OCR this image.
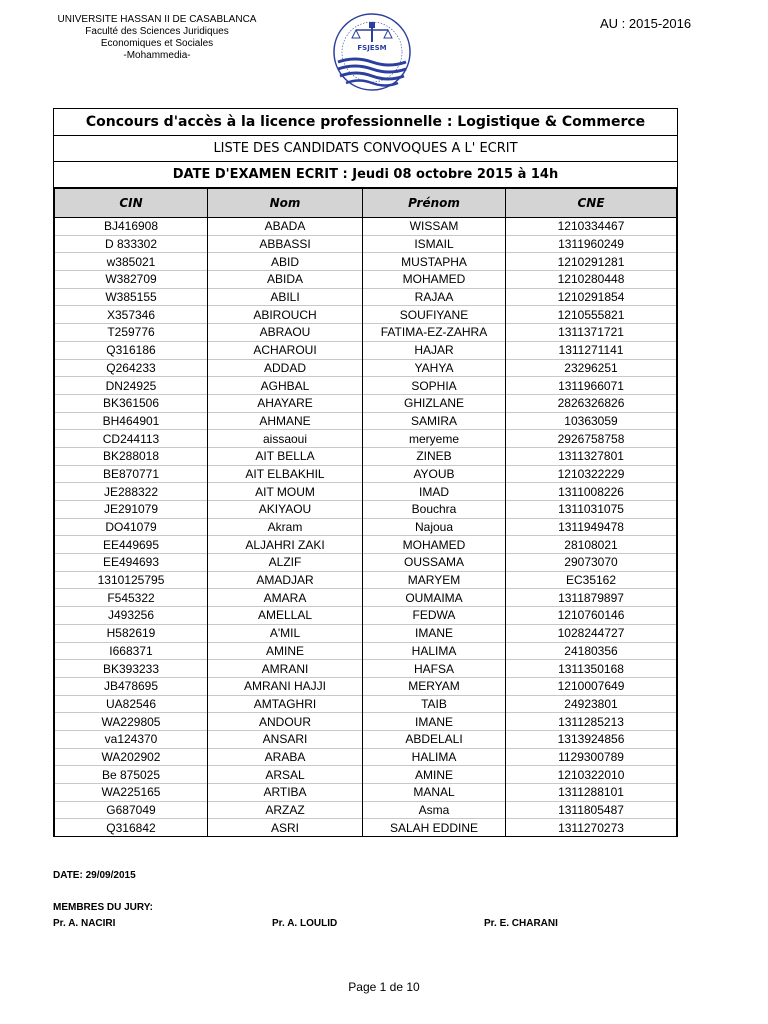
UNIVERSITE HASSAN II DE CASABLANCA
Faculté des Sciences Juridiques
Economiques et Sociales
-Mohammedia-
FSJESM
AU : 2015-2016
Concours d'accès à la licence professionnelle : Logistique & Commerce
LISTE DES CANDIDATS CONVOQUES A L' ECRIT
DATE D'EXAMEN ECRIT : Jeudi 08 octobre 2015 à 14h
CIN	Nom	Prénom	CNE
BJ416908	ABADA	WISSAM	1210334467
D 833302	ABBASSI	ISMAIL	1311960249
w385021	ABID	MUSTAPHA	1210291281
W382709	ABIDA	MOHAMED	1210280448
W385155	ABILI	RAJAA	1210291854
X357346	ABIROUCH	SOUFIYANE	1210555821
T259776	ABRAOU	FATIMA-EZ-ZAHRA	1311371721
Q316186	ACHAROUI	HAJAR	1311271141
Q264233	ADDAD	YAHYA	23296251
DN24925	AGHBAL	SOPHIA	1311966071
BK361506	AHAYARE	GHIZLANE	2826326826
BH464901	AHMANE	SAMIRA	10363059
CD244113	aissaoui	meryeme	2926758758
BK288018	AIT BELLA	ZINEB	1311327801
BE870771	AIT ELBAKHIL	AYOUB	1210322229
JE288322	AIT MOUM	IMAD	1311008226
JE291079	AKIYAOU	Bouchra	1311031075
DO41079	Akram	Najoua	1311949478
EE449695	ALJAHRI ZAKI	MOHAMED	28108021
EE494693	ALZIF	OUSSAMA	29073070
1310125795	AMADJAR	MARYEM	EC35162
F545322	AMARA	OUMAIMA	1311879897
J493256	AMELLAL	FEDWA	1210760146
H582619	A'MIL	IMANE	1028244727
I668371	AMINE	HALIMA	24180356
BK393233	AMRANI	HAFSA	1311350168
JB478695	AMRANI HAJJI	MERYAM	1210007649
UA82546	AMTAGHRI	TAIB	24923801
WA229805	ANDOUR	IMANE	1311285213
va124370	ANSARI	ABDELALI	1313924856
WA202902	ARABA	HALIMA	1129300789
Be 875025	ARSAL	AMINE	1210322010
WA225165	ARTIBA	MANAL	1311288101
G687049	ARZAZ	Asma	1311805487
Q316842	ASRI	SALAH EDDINE	1311270273
DATE: 29/09/2015
MEMBRES DU JURY:
Pr. A. NACIRI	Pr. A. LOULID	Pr. E. CHARANI
Page 1 de 10
